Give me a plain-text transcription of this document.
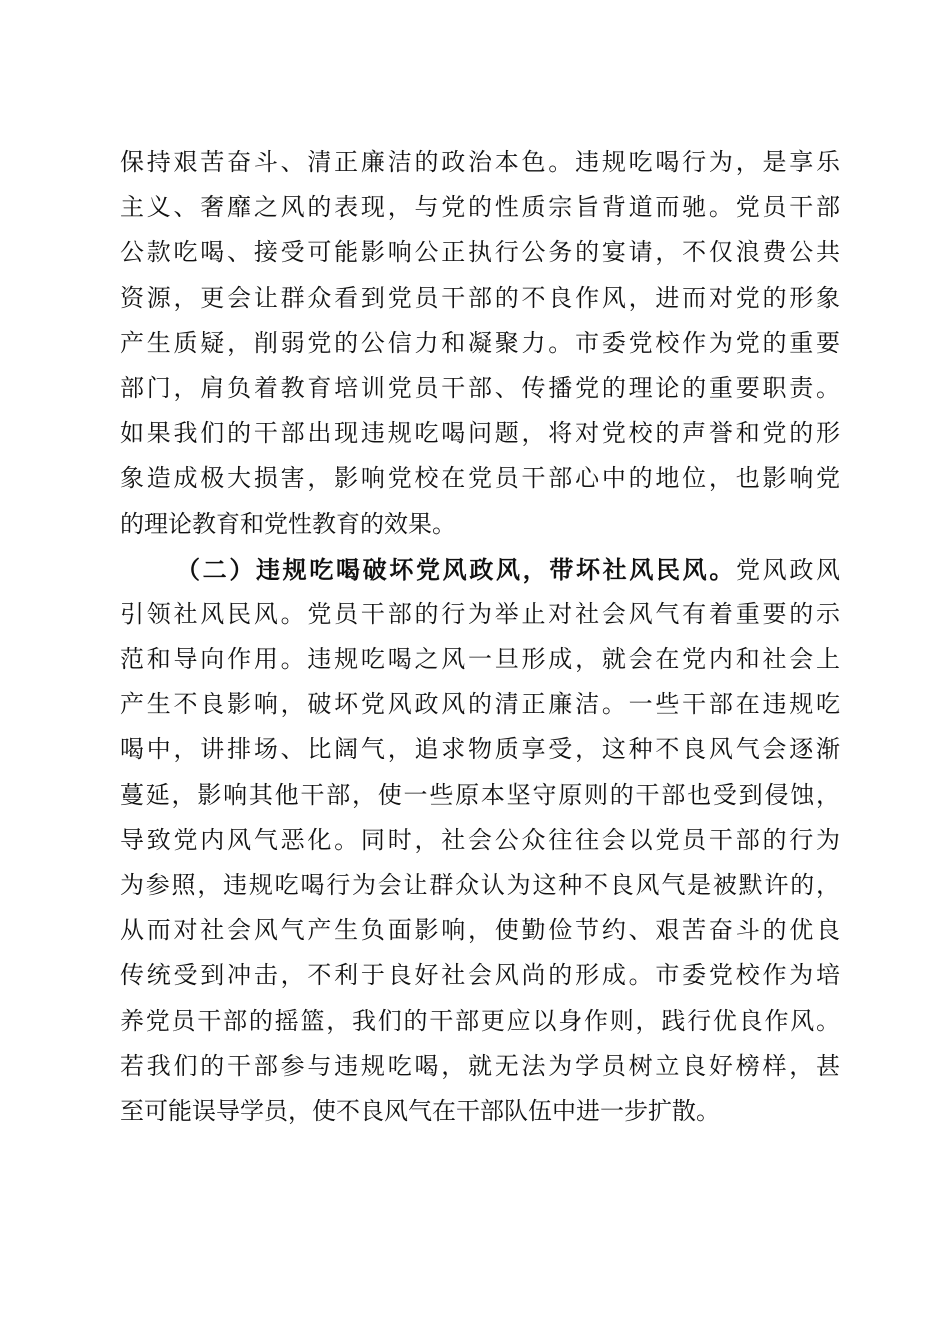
保持艰苦奋斗、清正廉洁的政治本色。违规吃喝行为，是享乐
主义、奢靡之风的表现，与党的性质宗旨背道而驰。党员干部
公款吃喝、接受可能影响公正执行公务的宴请，不仅浪费公共
资源，更会让群众看到党员干部的不良作风，进而对党的形象
产生质疑，削弱党的公信力和凝聚力。市委党校作为党的重要
部门，肩负着教育培训党员干部、传播党的理论的重要职责。
如果我们的干部出现违规吃喝问题，将对党校的声誉和党的形
象造成极大损害，影响党校在党员干部心中的地位，也影响党
的理论教育和党性教育的效果。
（二）违规吃喝破坏党风政风，带坏社风民风。党风政风
引领社风民风。党员干部的行为举止对社会风气有着重要的示
范和导向作用。违规吃喝之风一旦形成，就会在党内和社会上
产生不良影响，破坏党风政风的清正廉洁。一些干部在违规吃
喝中，讲排场、比阔气，追求物质享受，这种不良风气会逐渐
蔓延，影响其他干部，使一些原本坚守原则的干部也受到侵蚀，
导致党内风气恶化。同时，社会公众往往会以党员干部的行为
为参照，违规吃喝行为会让群众认为这种不良风气是被默许的，
从而对社会风气产生负面影响，使勤俭节约、艰苦奋斗的优良
传统受到冲击，不利于良好社会风尚的形成。市委党校作为培
养党员干部的摇篮，我们的干部更应以身作则，践行优良作风。
若我们的干部参与违规吃喝，就无法为学员树立良好榜样，甚
至可能误导学员，使不良风气在干部队伍中进一步扩散。
